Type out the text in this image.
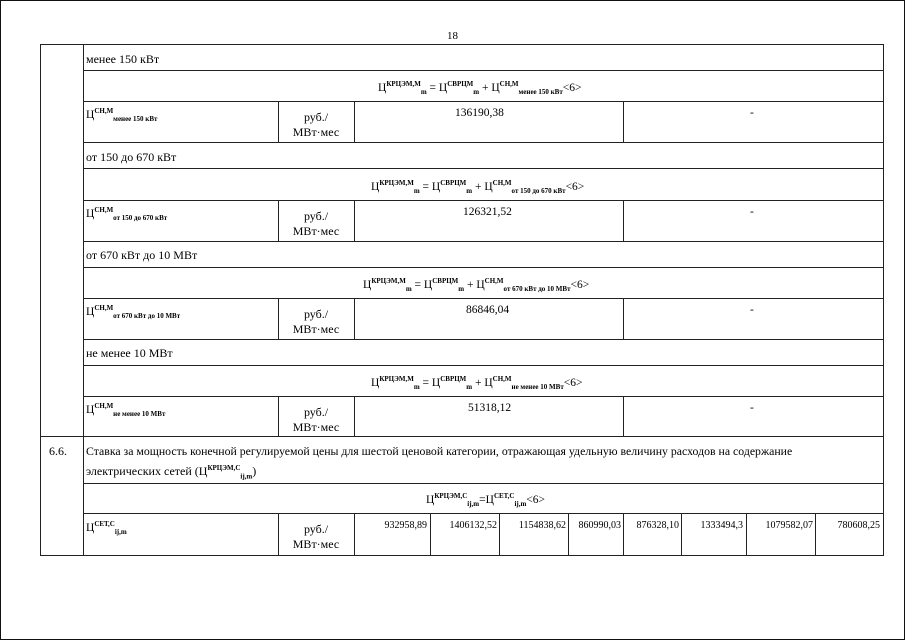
18
менее 150 кВт
$Ц^{КРЦЭМ,М}_m = Ц^{СВРЦМ}_m + Ц^{СН,М}_{менее 150 кВт}<6>$
$Ц^{СН,М}_{менее 150 кВт}$	руб./
МВт·мес
136190,38	-
от 150 до 670 кВт
$Ц^{КРЦЭМ,М}_m = Ц^{СВРЦМ}_m + Ц^{СН,М}_{от 150 до 670 кВт}<6>$
$Ц^{СН,М}_{от 150 до 670 кВт}$	руб./
МВт·мес
126321,52	-
от 670 кВт до 10 МВт
$Ц^{КРЦЭМ,М}_m = Ц^{СВРЦМ}_m + Ц^{СН,М}_{от 670 кВт до 10 МВт}<6>$
$Ц^{СН,М}_{от 670 кВт до 10 МВт}$	руб./
МВт·мес
86846,04	-
не менее 10 МВт
$Ц^{КРЦЭМ,М}_m = Ц^{СВРЦМ}_m + Ц^{СН,М}_{не менее 10 МВт}<6>$
$Ц^{СН,М}_{не менее 10 МВт}$	руб./
МВт·мес
51318,12	-
6.6. Ставка за мощность конечной регулируемой цены для шестой ценовой категории, отражающая удельную величину расходов на содержание
электрических сетей $(Ц^{КРЦЭМ,С}_{ij,m})$
$Ц^{КРЦЭМ,С}_{ij,m}=Ц^{СЕТ,С}_{ij,m}<6>$
$Ц^{СЕТ,С}_{ij,m}$	руб./
МВт·мес
932958,89	1406132,52	1154838,62	860990,03	876328,10	1333494,3	1079582,07	780608,25
